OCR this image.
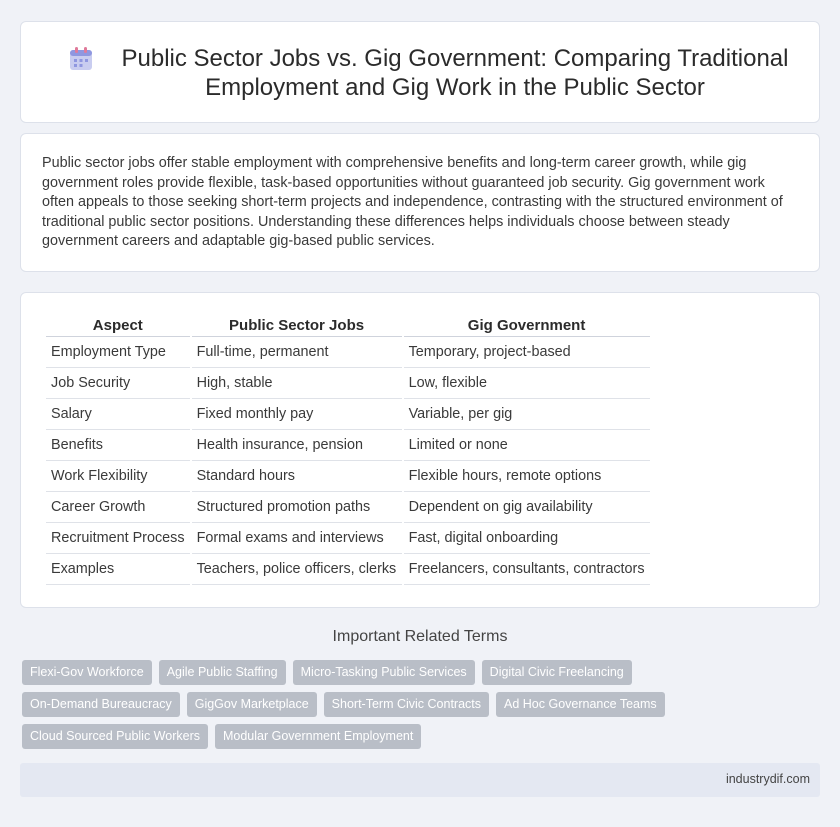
Public Sector Jobs vs. Gig Government: Comparing Traditional Employment and Gig Work in the Public Sector

Public sector jobs offer stable employment with comprehensive benefits and long-term career growth, while gig government roles provide flexible, task-based opportunities without guaranteed job security. Gig government work often appeals to those seeking short-term projects and independence, contrasting with the structured environment of traditional public sector positions. Understanding these differences helps individuals choose between steady government careers and adaptable gig-based public services.

Aspect	Public Sector Jobs	Gig Government
Employment Type	Full-time, permanent	Temporary, project-based
Job Security	High, stable	Low, flexible
Salary	Fixed monthly pay	Variable, per gig
Benefits	Health insurance, pension	Limited or none
Work Flexibility	Standard hours	Flexible hours, remote options
Career Growth	Structured promotion paths	Dependent on gig availability
Recruitment Process	Formal exams and interviews	Fast, digital onboarding
Examples	Teachers, police officers, clerks	Freelancers, consultants, contractors
Important Related Terms
Flexi-Gov Workforce	Agile Public Staffing	Micro-Tasking Public Services	Digital Civic Freelancing
On-Demand Bureaucracy	GigGov Marketplace	Short-Term Civic Contracts	Ad Hoc Governance Teams
Cloud Sourced Public Workers	Modular Government Employment
industrydif.com
